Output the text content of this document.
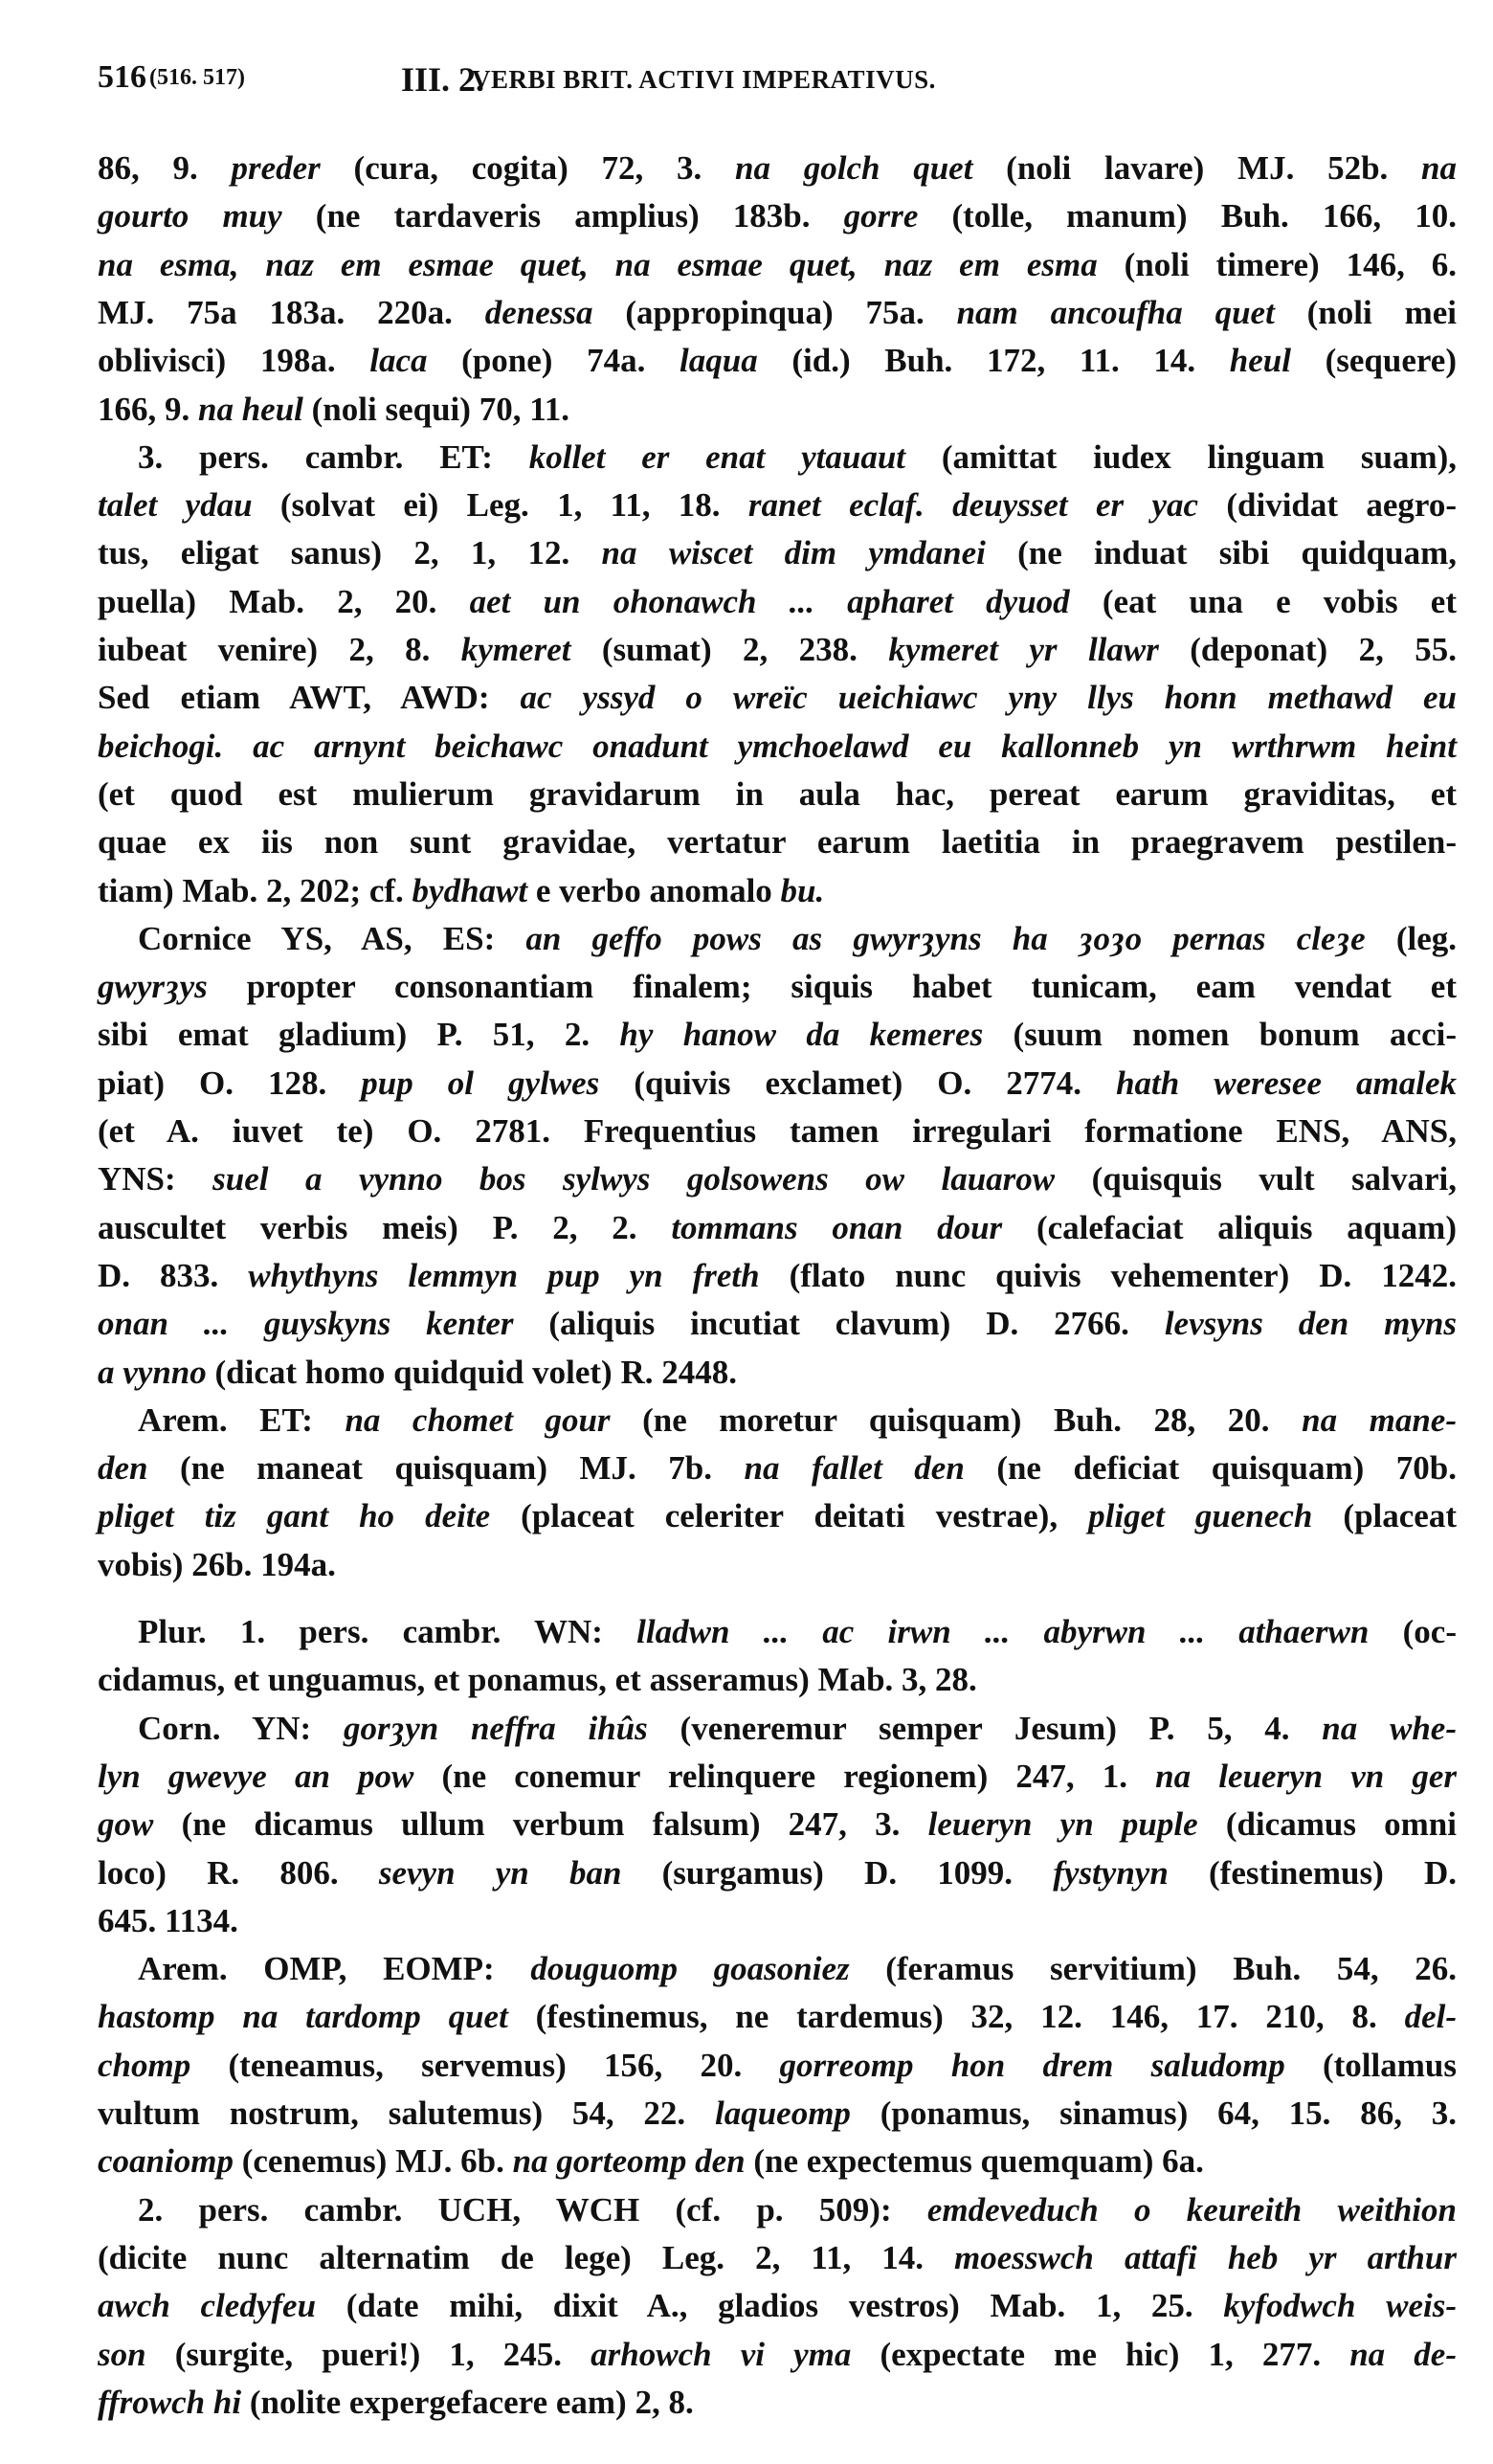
516 (516. 517)	III. 2.
VERBI BRIT. ACTIVI IMPERATIVUS.
86, 9. preder (cura, cogita) 72, 3. na golch quet (noli lavare) MJ. 52b. na
gourto muy (ne tardaveris amplius) 183b. gorre (tolle, manum) Buh. 166, 10.
na esma, naz em esmae quet, na esmae quet, naz em esma (noli timere) 146, 6.
MJ. 75a 183a. 220a. denessa (appropinqua) 75a. nam ancoufha quet (noli mei
oblivisci) 198a. laca (pone) 74a. laqua (id.) Buh. 172, 11. 14. heul (sequere)
166, 9. na heul (noli sequi) 70, 11.
3. pers. cambr. ET: kollet er enat ytauaut (amittat iudex linguam suam),
talet ydau (solvat ei) Leg. 1, 11, 18. ranet eclaf. deuysset er yac (dividat aegro-
tus, eligat sanus) 2, 1, 12. na wiscet dim ymdanei (ne induat sibi quidquam,
puella) Mab. 2, 20. aet un ohonawch ... apharet dyuod (eat una e vobis et
iubeat venire) 2, 8. kymeret (sumat) 2, 238. kymeret yr llawr (deponat) 2, 55.
Sed etiam AWT, AWD: ac yssyd o wreïc ueichiawc yny llys honn methawd eu
beichogi. ac arnynt beichawc onadunt ymchoelawd eu kallonneb yn wrthrwm heint
(et quod est mulierum gravidarum in aula hac, pereat earum graviditas, et
quae ex iis non sunt gravidae, vertatur earum laetitia in praegravem pestilen-
tiam) Mab. 2, 202; cf. bydhawt e verbo anomalo bu.
Cornice YS, AS, ES: an geffo pows as gwyrȝyns ha ȝoȝo pernas cleȝe (leg.
gwyrȝys propter consonantiam finalem; siquis habet tunicam, eam vendat et
sibi emat gladium) P. 51, 2. hy hanow da kemeres (suum nomen bonum acci-
piat) O. 128. pup ol gylwes (quivis exclamet) O. 2774. hath weresee amalek
(et A. iuvet te) O. 2781. Frequentius tamen irregulari formatione ENS, ANS,
YNS: suel a vynno bos sylwys golsowens ow lauarow (quisquis vult salvari,
auscultet verbis meis) P. 2, 2. tommans onan dour (calefaciat aliquis aquam)
D. 833. whythyns lemmyn pup yn freth (flato nunc quivis vehementer) D. 1242.
onan ... guyskyns kenter (aliquis incutiat clavum) D. 2766. levsyns den myns
a vynno (dicat homo quidquid volet) R. 2448.
Arem. ET: na chomet gour (ne moretur quisquam) Buh. 28, 20. na mane-
den (ne maneat quisquam) MJ. 7b. na fallet den (ne deficiat quisquam) 70b.
pliget tiz gant ho deite (placeat celeriter deitati vestrae), pliget guenech (placeat
vobis) 26b. 194a.
Plur. 1. pers. cambr. WN: lladwn ... ac irwn ... abyrwn ... athaerwn (oc-
cidamus, et unguamus, et ponamus, et asseramus) Mab. 3, 28.
Corn. YN: gorȝyn neffra ihûs (veneremur semper Jesum) P. 5, 4. na whe-
lyn gwevye an pow (ne conemur relinquere regionem) 247, 1. na leueryn vn ger
gow (ne dicamus ullum verbum falsum) 247, 3. leueryn yn puple (dicamus omni
loco) R. 806. sevyn yn ban (surgamus) D. 1099. fystynyn (festinemus) D.
645. 1134.
Arem. OMP, EOMP: douguomp goasoniez (feramus servitium) Buh. 54, 26.
hastomp na tardomp quet (festinemus, ne tardemus) 32, 12. 146, 17. 210, 8. del-
chomp (teneamus, servemus) 156, 20. gorreomp hon drem saludomp (tollamus
vultum nostrum, salutemus) 54, 22. laqueomp (ponamus, sinamus) 64, 15. 86, 3.
coaniomp (cenemus) MJ. 6b. na gorteomp den (ne expectemus quemquam) 6a.
2. pers. cambr. UCH, WCH (cf. p. 509): emdeveduch o keureith weithion
(dicite nunc alternatim de lege) Leg. 2, 11, 14. moesswch attafi heb yr arthur
awch cledyfeu (date mihi, dixit A., gladios vestros) Mab. 1, 25. kyfodwch weis-
son (surgite, pueri!) 1, 245. arhowch vi yma (expectate me hic) 1, 277. na de-
ffrowch hi (nolite expergefacere eam) 2, 8.
